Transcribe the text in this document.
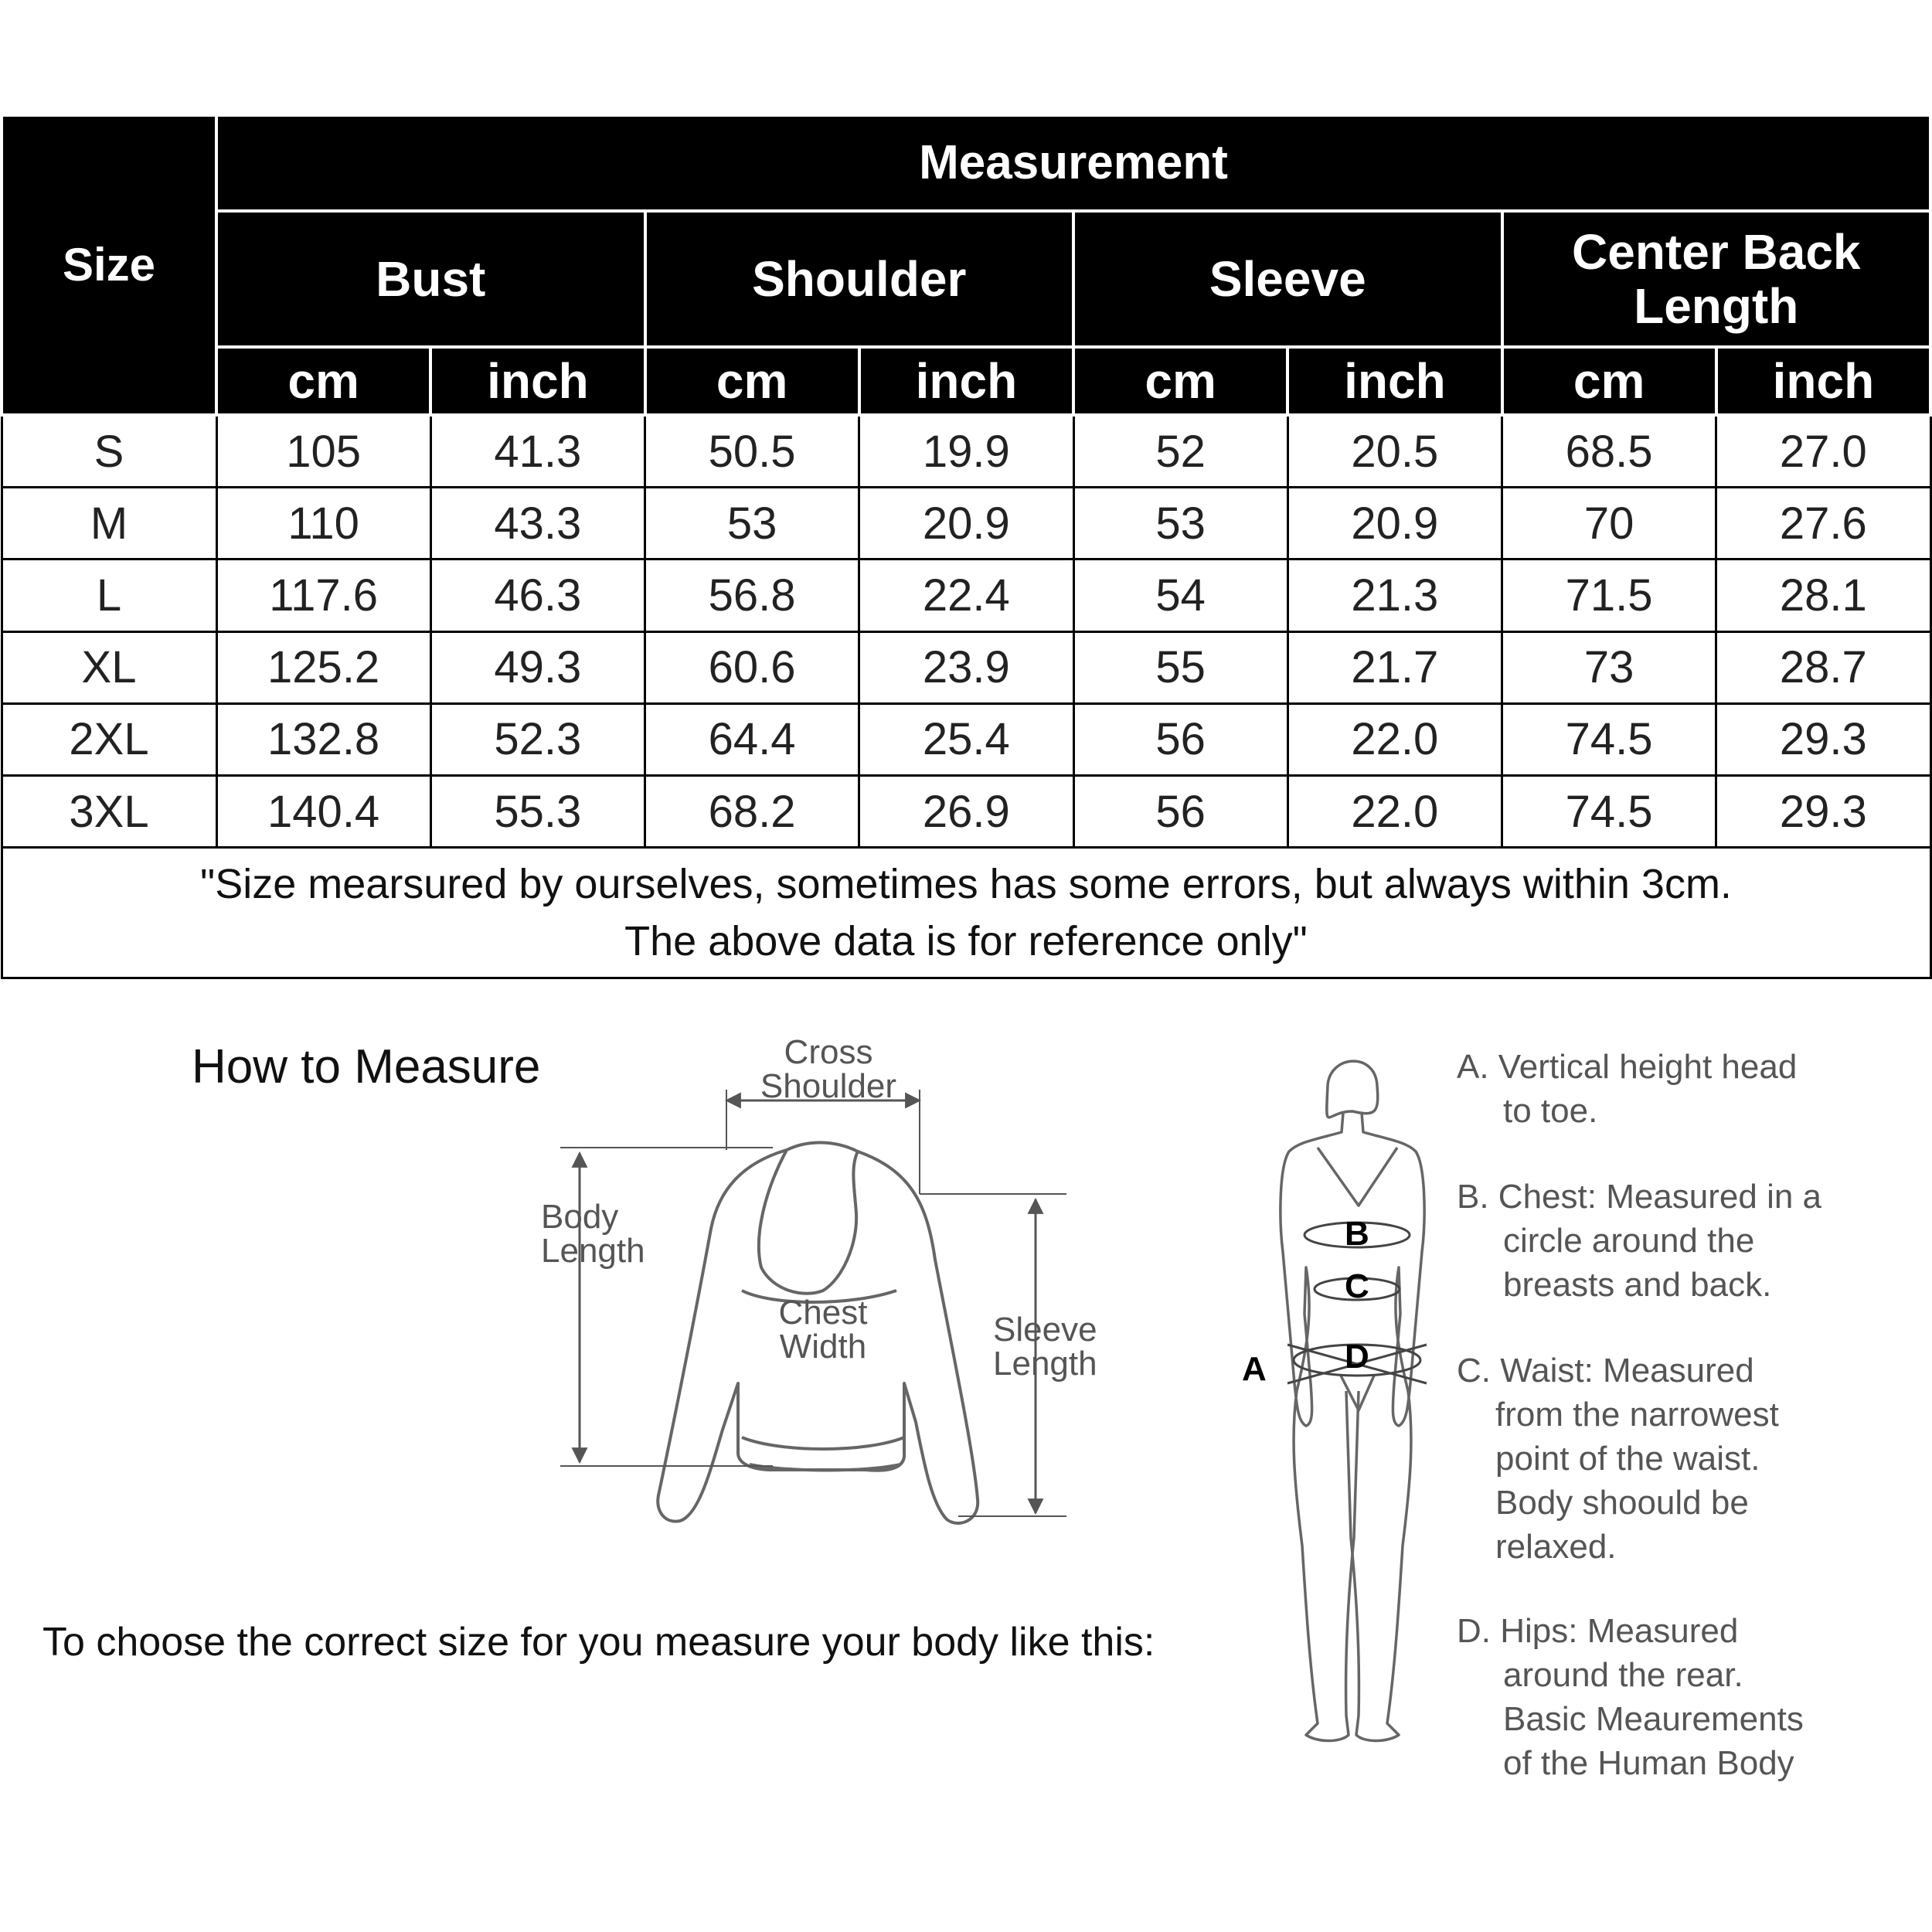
Size	Measurement							
	Bust		Shoulder		Sleeve		Center Back Length	
	cm	inch	cm	inch	cm	inch	cm	inch
S	105	41.3	50.5	19.9	52	20.5	68.5	27.0
M	110	43.3	53	20.9	53	20.9	70	27.6
L	117.6	46.3	56.8	22.4	54	21.3	71.5	28.1
XL	125.2	49.3	60.6	23.9	55	21.7	73	28.7
2XL	132.8	52.3	64.4	25.4	56	22.0	74.5	29.3
3XL	140.4	55.3	68.2	26.9	56	22.0	74.5	29.3
"Size mearsured by ourselves, sometimes has some errors, but always within 3cm.
The above data is for reference only"								
How to Measure
To choose the correct size for you measure your body like this:
Cross
Shoulder
Body
Length
Chest
Width	Sleeve
Length	A
B
C
D
A. Vertical height head
to toe.
B. Chest: Measured in a
circle around the
breasts and back.
C. Waist: Measured
from the narrowest
point of the waist.
Body shoould be
relaxed.
D. Hips: Measured
around the rear.
Basic Meaurements
of the Human Body
